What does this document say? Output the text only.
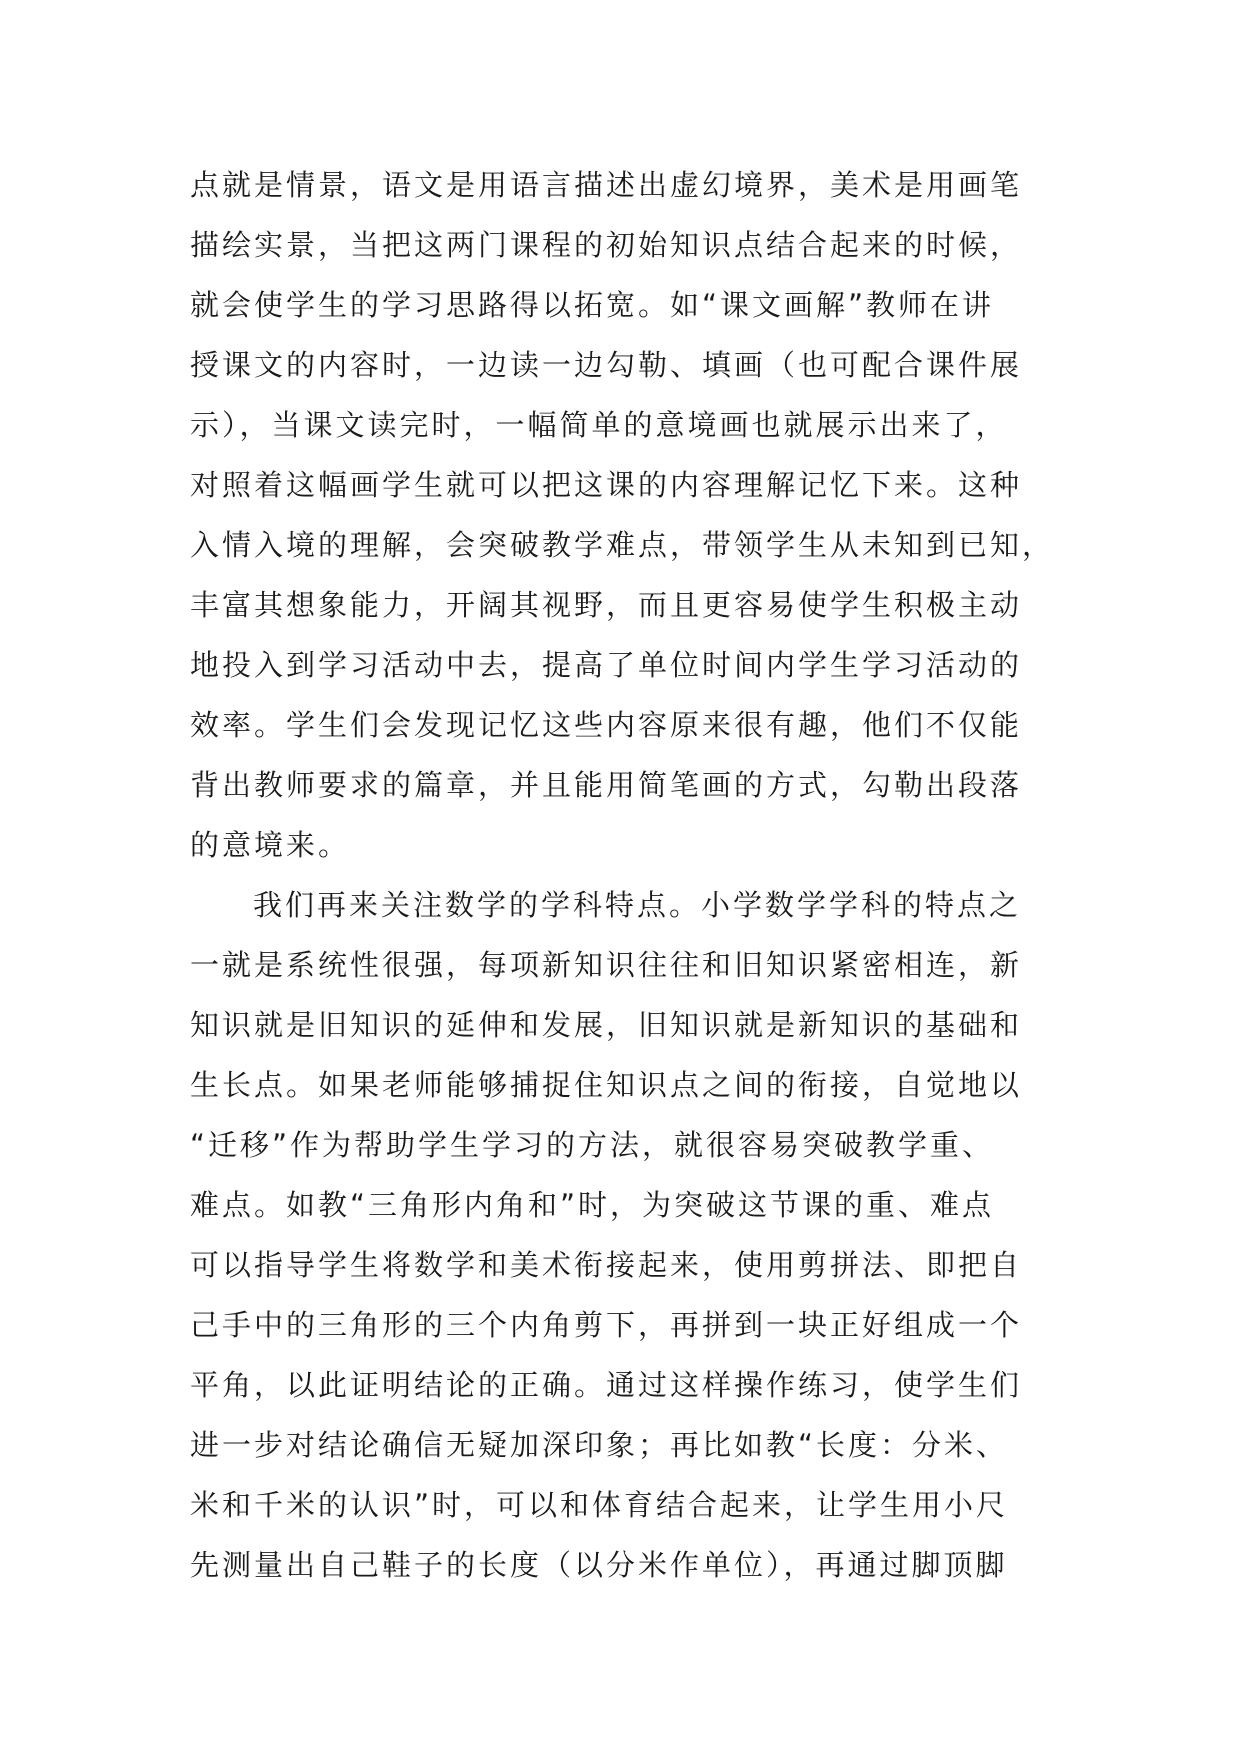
点就是情景，语文是用语言描述出虚幻境界，美术是用画笔
描绘实景，当把这两门课程的初始知识点结合起来的时候，
就会使学生的学习思路得以拓宽。如“课文画解”教师在讲
授课文的内容时，一边读一边勾勒、填画（也可配合课件展
示），当课文读完时，一幅简单的意境画也就展示出来了，
对照着这幅画学生就可以把这课的内容理解记忆下来。这种
入情入境的理解，会突破教学难点，带领学生从未知到已知，
丰富其想象能力，开阔其视野，而且更容易使学生积极主动
地投入到学习活动中去，提高了单位时间内学生学习活动的
效率。学生们会发现记忆这些内容原来很有趣，他们不仅能
背出教师要求的篇章，并且能用简笔画的方式，勾勒出段落
的意境来。
我们再来关注数学的学科特点。小学数学学科的特点之
一就是系统性很强，每项新知识往往和旧知识紧密相连，新
知识就是旧知识的延伸和发展，旧知识就是新知识的基础和
生长点。如果老师能够捕捉住知识点之间的衔接，自觉地以
“迁移”作为帮助学生学习的方法，就很容易突破教学重、
难点。如教“三角形内角和”时，为突破这节课的重、难点
可以指导学生将数学和美术衔接起来，使用剪拼法、即把自
己手中的三角形的三个内角剪下，再拼到一块正好组成一个
平角，以此证明结论的正确。通过这样操作练习，使学生们
进一步对结论确信无疑加深印象；再比如教“长度：分米、
米和千米的认识”时，可以和体育结合起来，让学生用小尺
先测量出自己鞋子的长度（以分米作单位），再通过脚顶脚
